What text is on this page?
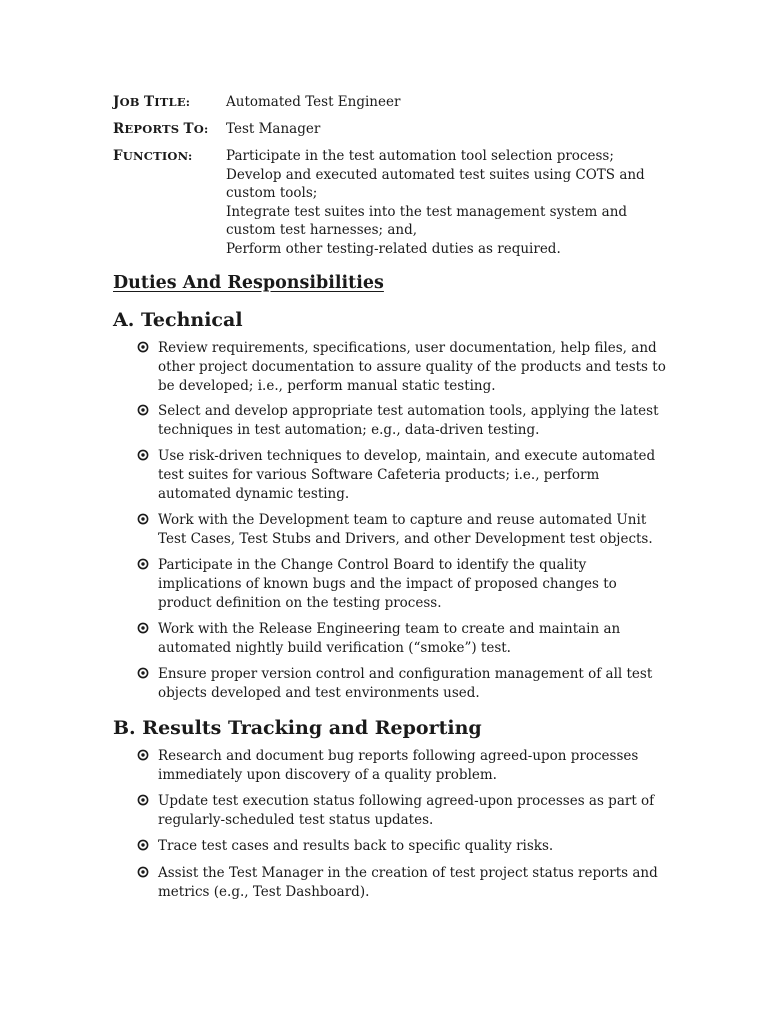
JOB TITLE:	Automated Test Engineer
REPORTS TO: Test Manager
FUNCTION: Participate in the test automation tool selection process;
Develop and executed automated test suites using COTS and
custom tools;
Integrate test suites into the test management system and
custom test harnesses; and,
Perform other testing-related duties as required.
Duties And Responsibilities
A. Technical
Review requirements, specifications, user documentation, help files, and
other project documentation to assure quality of the products and tests to
be developed; i.e., perform manual static testing.
Select and develop appropriate test automation tools, applying the latest
techniques in test automation; e.g., data-driven testing.
Use risk-driven techniques to develop, maintain, and execute automated
test suites for various Software Cafeteria products; i.e., perform
automated dynamic testing.
Work with the Development team to capture and reuse automated Unit
Test Cases, Test Stubs and Drivers, and other Development test objects.
Participate in the Change Control Board to identify the quality
implications of known bugs and the impact of proposed changes to
product definition on the testing process.
Work with the Release Engineering team to create and maintain an
automated nightly build verification (“smoke”) test.
Ensure proper version control and configuration management of all test
objects developed and test environments used.
B. Results Tracking and Reporting
Research and document bug reports following agreed-upon processes
immediately upon discovery of a quality problem.
Update test execution status following agreed-upon processes as part of
regularly-scheduled test status updates.
Trace test cases and results back to specific quality risks.
Assist the Test Manager in the creation of test project status reports and
metrics (e.g., Test Dashboard).
